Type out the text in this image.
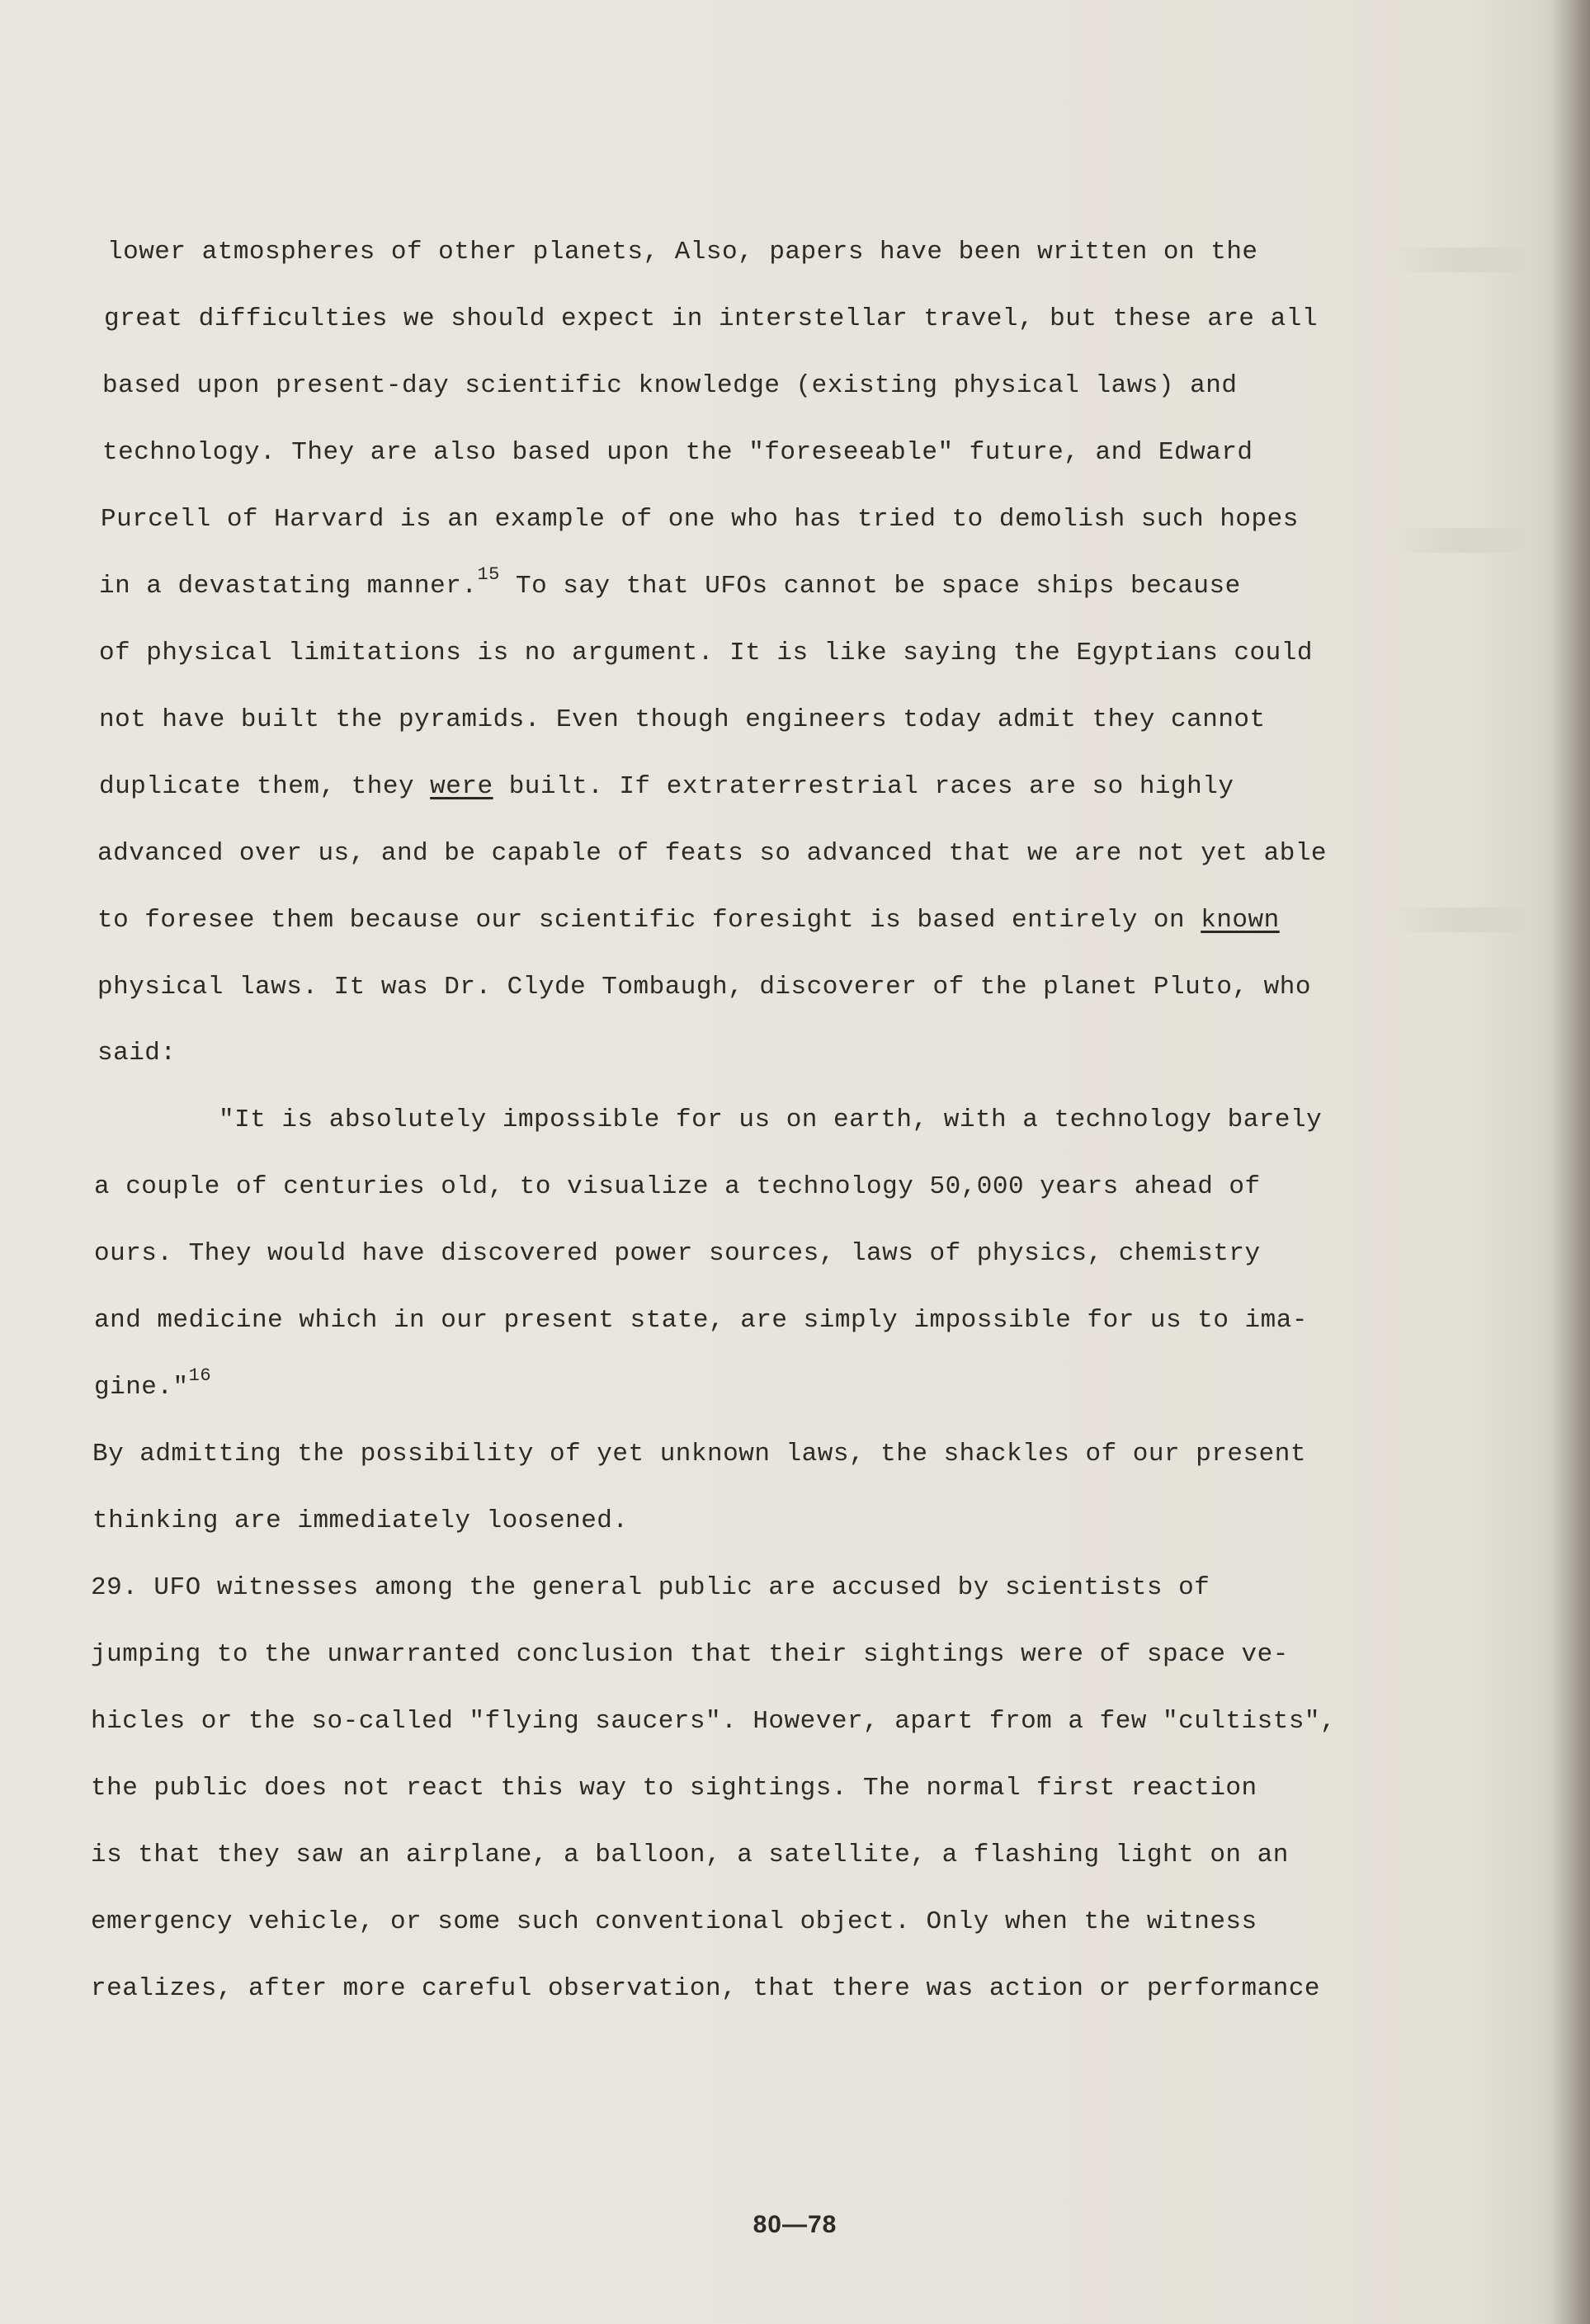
lower atmospheres of other planets, Also, papers have been written on the
great difficulties we should expect in interstellar travel, but these are all
based upon present-day scientific knowledge (existing physical laws) and
technology. They are also based upon the "foreseeable" future, and Edward
Purcell of Harvard is an example of one who has tried to demolish such hopes
in a devastating manner.$^{15}$ To say that UFOs cannot be space ships because
of physical limitations is no argument. It is like saying the Egyptians could
not have built the pyramids. Even though engineers today admit they cannot
duplicate them, they were built. If extraterrestrial races are so highly
advanced over us, and be capable of feats so advanced that we are not yet able
to foresee them because our scientific foresight is based entirely on known
physical laws. It was Dr. Clyde Tombaugh, discoverer of the planet Pluto, who
said:
"It is absolutely impossible for us on earth, with a technology barely
a couple of centuries old, to visualize a technology 50,000 years ahead of
ours. They would have discovered power sources, laws of physics, chemistry
and medicine which in our present state, are simply impossible for us to ima-
gine."$^{16}$
By admitting the possibility of yet unknown laws, the shackles of our present
thinking are immediately loosened.
29. UFO witnesses among the general public are accused by scientists of
jumping to the unwarranted conclusion that their sightings were of space ve-
hicles or the so-called "flying saucers". However, apart from a few "cultists",
the public does not react this way to sightings. The normal first reaction
is that they saw an airplane, a balloon, a satellite, a flashing light on an
emergency vehicle, or some such conventional object. Only when the witness
realizes, after more careful observation, that there was action or performance
80—78
